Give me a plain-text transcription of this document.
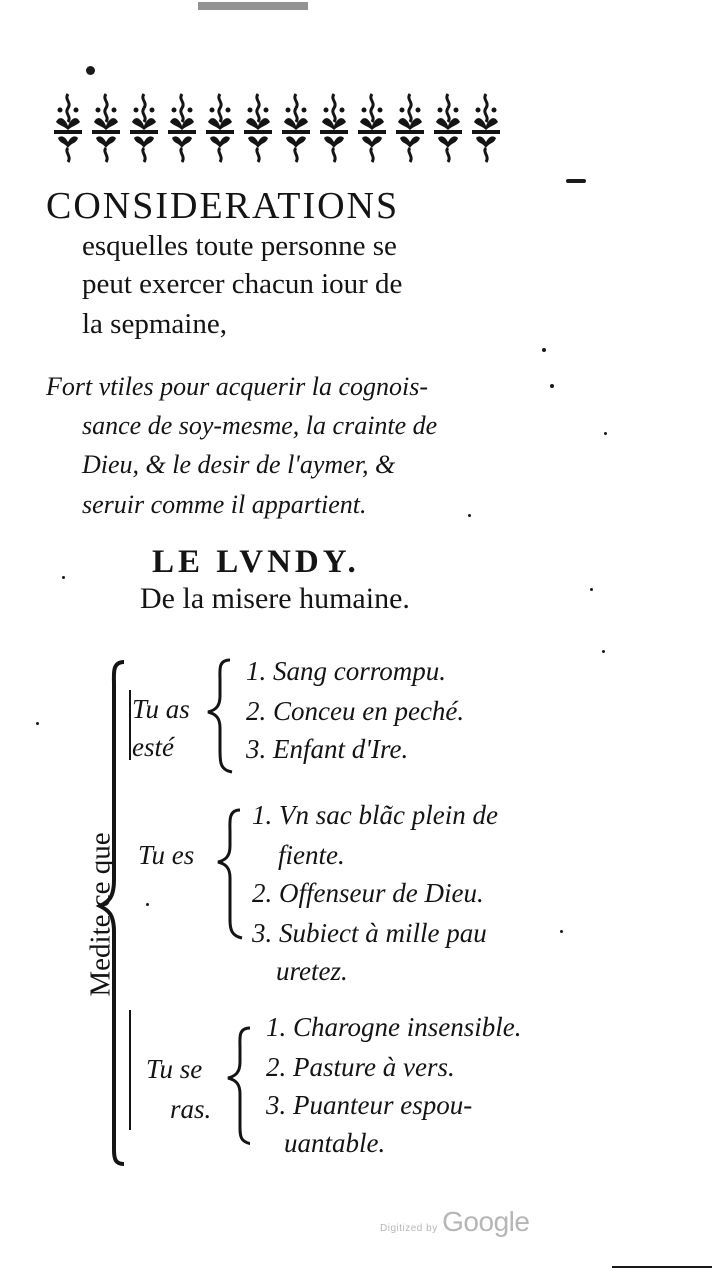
CONSIDERATIONS
esquelles toute personne se
peut exercer chacun iour de
la sepmaine,
Fort vtiles pour acquerir la cognois-
sance de soy-mesme, la crainte de
Dieu, & le desir de l'aymer, &
seruir comme il appartient.
LE LVNDY.
De la misere humaine.
Medite ce que
Tu as
esté
1. Sang corrompu.
2. Conceu en peché.
3. Enfant d'Ire.
Tu es
1. Vn sac blãc plein de
fiente.
2. Offenseur de Dieu.
3. Subiect à mille pau
uretez.
Tu se
ras.
1. Charogne insensible.
2. Pasture à vers.
3. Puanteur espou-
uantable.
Digitized by Google
